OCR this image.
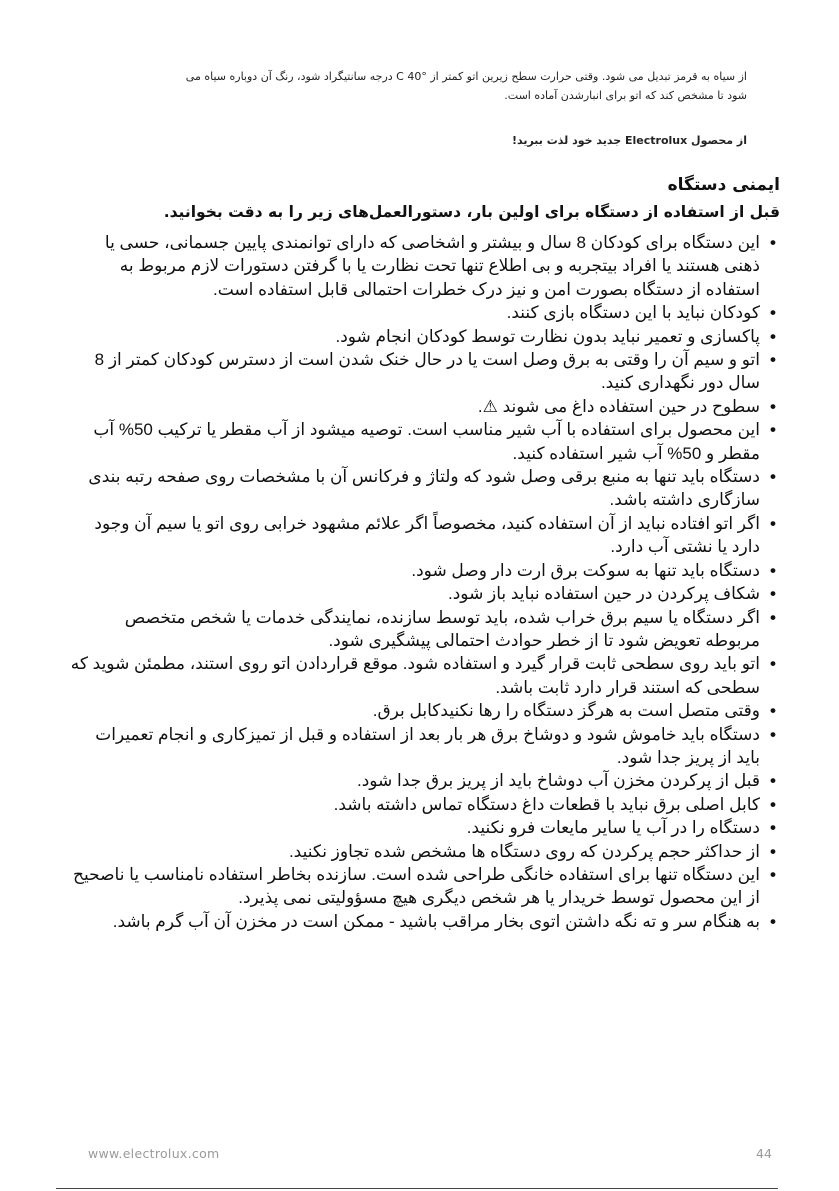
از سیاه به قرمز تبدیل می شود. وقتی حرارت سطح زیرین اتو کمتر از °C 40 درجه سانتیگراد شود، رنگ آن دوباره سیاه می

شود تا مشخص کند که اتو برای انبارشدن آماده است.

از محصول Electrolux جدید خود لذت ببرید!
ایمنی دستگاه
قبل از استفاده از دستگاه برای اولین بار، دستورالعمل‌های زیر را به دقت بخوانید.
•
این دستگاه برای کودکان 8 سال و بیشتر و اشخاصی که دارای توانمندی پایین جسمانی، حسی یا ذهنی هستند یا افراد بیتجربه و بی اطلاع تنها تحت نظارت یا با گرفتن دستورات لازم مربوط به استفاده از دستگاه بصورت امن و نیز درک خطرات احتمالی قابل استفاده است.
•
کودکان نباید با این دستگاه بازی کنند.
•
پاکسازی و تعمیر نباید بدون نظارت توسط کودکان انجام شود.
•
اتو و سیم آن را وقتی به برق وصل است یا در حال خنک شدن است از دسترس کودکان کمتر از 8 سال دور نگهداری کنید.
•
سطوح در حین استفاده داغ می شوند ⚠.
•
این محصول برای استفاده با آب شیر مناسب است. توصیه میشود از آب مقطر یا ترکیب 50% آب مقطر و 50% آب شیر استفاده کنید.
•
دستگاه باید تنها به منبع برقی وصل شود که ولتاژ و فرکانس آن با مشخصات روی صفحه رتبه بندی سازگاری داشته باشد.
•
اگر اتو افتاده نباید از آن استفاده کنید، مخصوصاً اگر علائم مشهود خرابی روی اتو یا سیم آن وجود دارد یا نشتی آب دارد.
•
دستگاه باید تنها به سوکت برق ارت دار وصل شود.
•
شکاف پرکردن در حین استفاده نباید باز شود.
•
اگر دستگاه یا سیم برق خراب شده، باید توسط سازنده، نمایندگی خدمات یا شخص متخصص مربوطه تعویض شود تا از خطر حوادث احتمالی پیشگیری شود.
•
اتو باید روی سطحی ثابت قرار گیرد و استفاده شود. موقع قراردادن اتو روی استند، مطمئن شوید که سطحی که استند قرار دارد ثابت باشد.
•
وقتی متصل است به هرگز دستگاه را رها نکنیدکابل برق.
•
دستگاه باید خاموش شود و دوشاخ برق هر بار بعد از استفاده و قبل از تمیزکاری و انجام تعمیرات باید از پریز جدا شود.
•
قبل از پرکردن مخزن آب دوشاخ باید از پریز برق جدا شود.
•
کابل اصلی برق نباید با قطعات داغ دستگاه تماس داشته باشد.
•
دستگاه را در آب یا سایر مایعات فرو نکنید.
•
از حداکثر حجم پرکردن که روی دستگاه ها مشخص شده تجاوز نکنید.
•
این دستگاه تنها برای استفاده خانگی طراحی شده است. سازنده بخاطر استفاده نامناسب یا ناصحیح از این محصول توسط خریدار یا هر شخص دیگری هیچ مسؤولیتی نمی پذیرد.
•
به هنگام سر و ته نگه داشتن اتوی بخار مراقب باشید - ممکن است در مخزن آن آب گرم باشد.
www.electrolux.com	44
